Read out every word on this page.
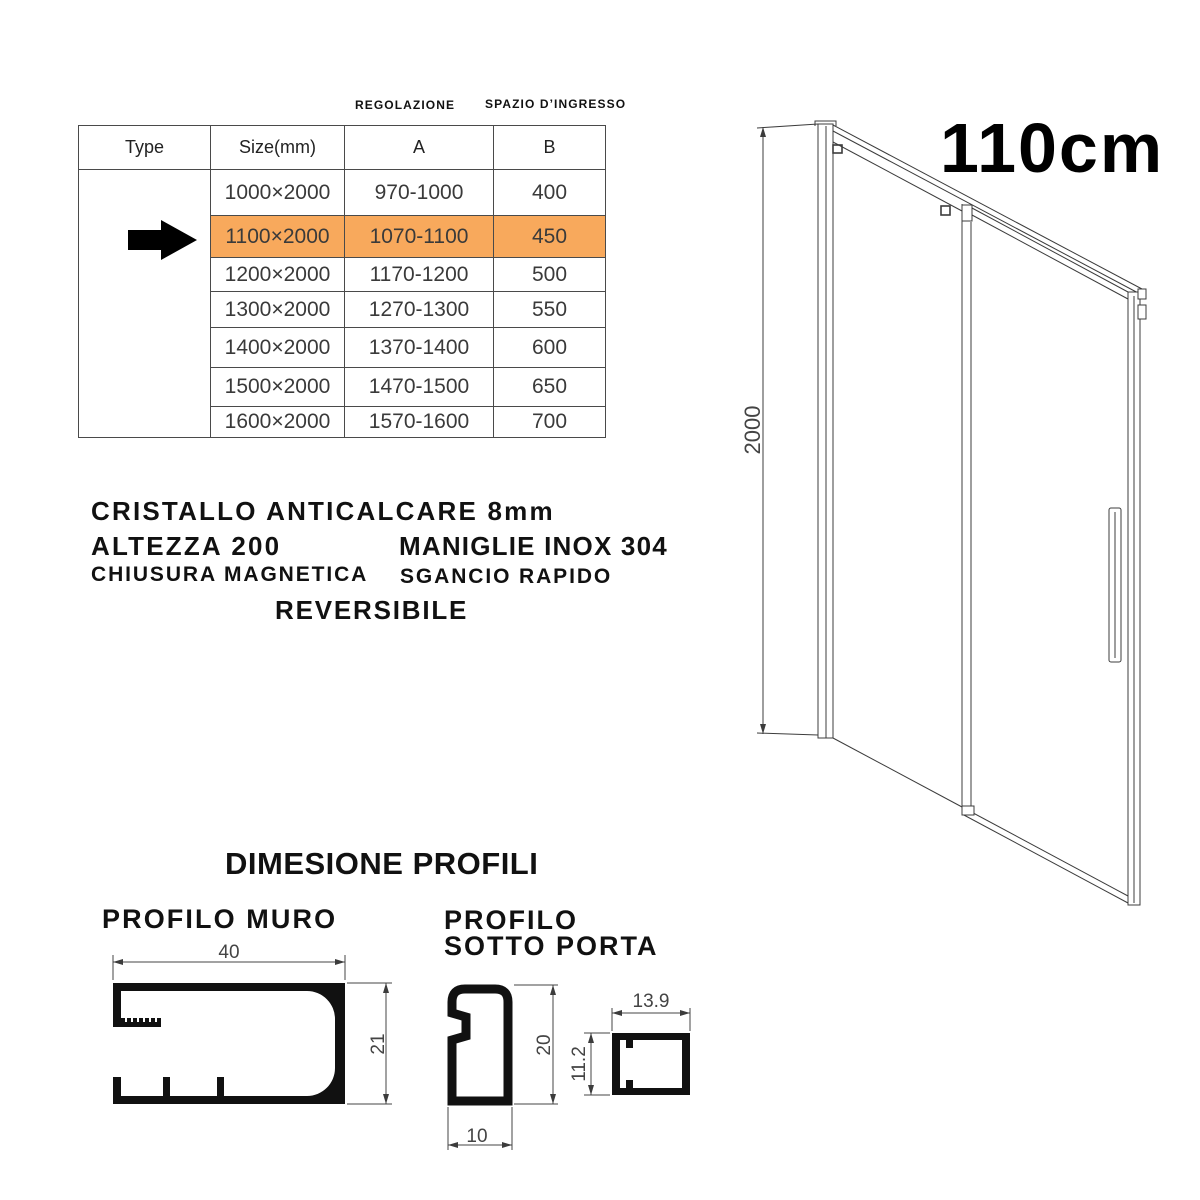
REGOLAZIONE SPAZIO D’INGRESSO
Type	Size(mm)	A	B
	1000×2000	970-1000	400
	1100×2000	1070-1100	450
	1200×2000	1170-1200	500
	1300×2000	1270-1300	550
	1400×2000	1370-1400	600
	1500×2000	1470-1500	650
	1600×2000	1570-1600	700
110cm
CRISTALLO ANTICALCARE 8mm
ALTEZZA 200	MANIGLIE INOX 304
CHIUSURA MAGNETICA SGANCIO RAPIDO
REVERSIBILE
DIMESIONE PROFILI
PROFILO MURO	PROFILO
SOTTO PORTA
2000
40
21	20
10
13.9
11.2
